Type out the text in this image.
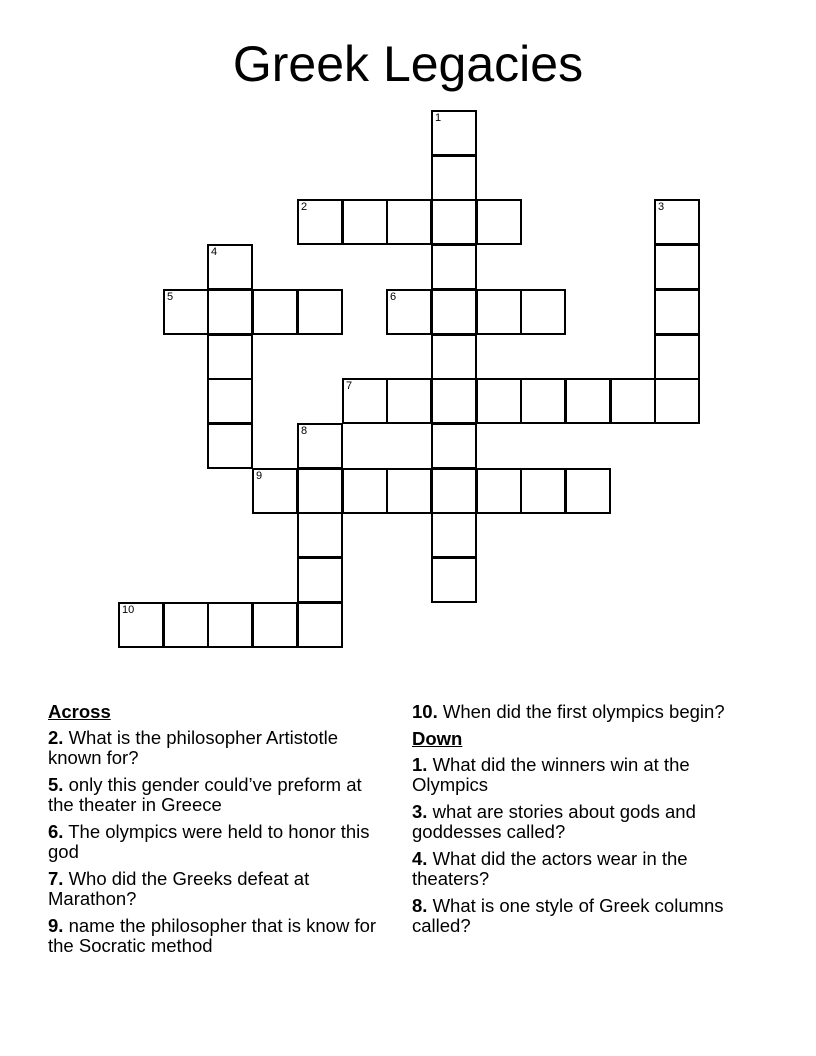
Greek Legacies
1
2	3
4
5	6
7
8
9
10
Across
2. What is the philosopher Artistotle known for?
5. only this gender could’ve preform at the theater in Greece
6. The olympics were held to honor this god
7. Who did the Greeks defeat at Marathon?
9. name the philosopher that is know for the Socratic method
10. When did the first olympics begin?
Down
1. What did the winners win at the Olympics
3. what are stories about gods and goddesses called?
4. What did the actors wear in the theaters?
8. What is one style of Greek columns called?
